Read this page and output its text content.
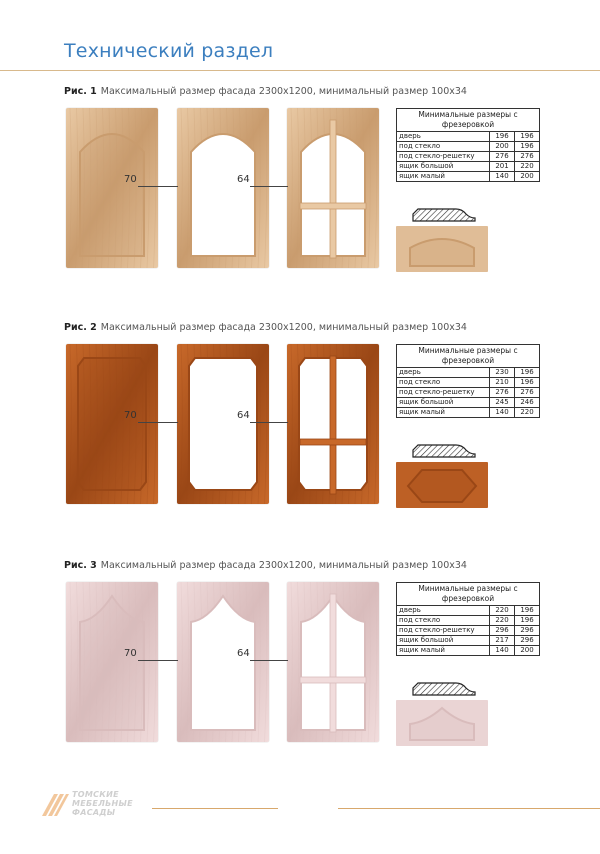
Технический раздел
Рис. 1 Максимальный размер фасада 2300х1200, минимальный размер 100х34
70	64
Минимальные размеры с фрезеровкой		
дверь	196	196
под стекло	200	196
под стекло-решетку	276	276
ящик большой	201	220
ящик малый	140	200
Рис. 2 Максимальный размер фасада 2300х1200, минимальный размер 100х34
70	64
Минимальные размеры с фрезеровкой		
дверь	230	196
под стекло	210	196
под стекло-решетку	276	276
ящик большой	245	246
ящик малый	140	220
Рис. 3 Максимальный размер фасада 2300х1200, минимальный размер 100х34
70	64
Минимальные размеры с фрезеровкой		
дверь	220	196
под стекло	220	196
под стекло-решетку	296	296
ящик большой	217	296
ящик малый	140	200
ТОМСКИЕ
МЕБЕЛЬНЫЕ
ФАСАДЫ
